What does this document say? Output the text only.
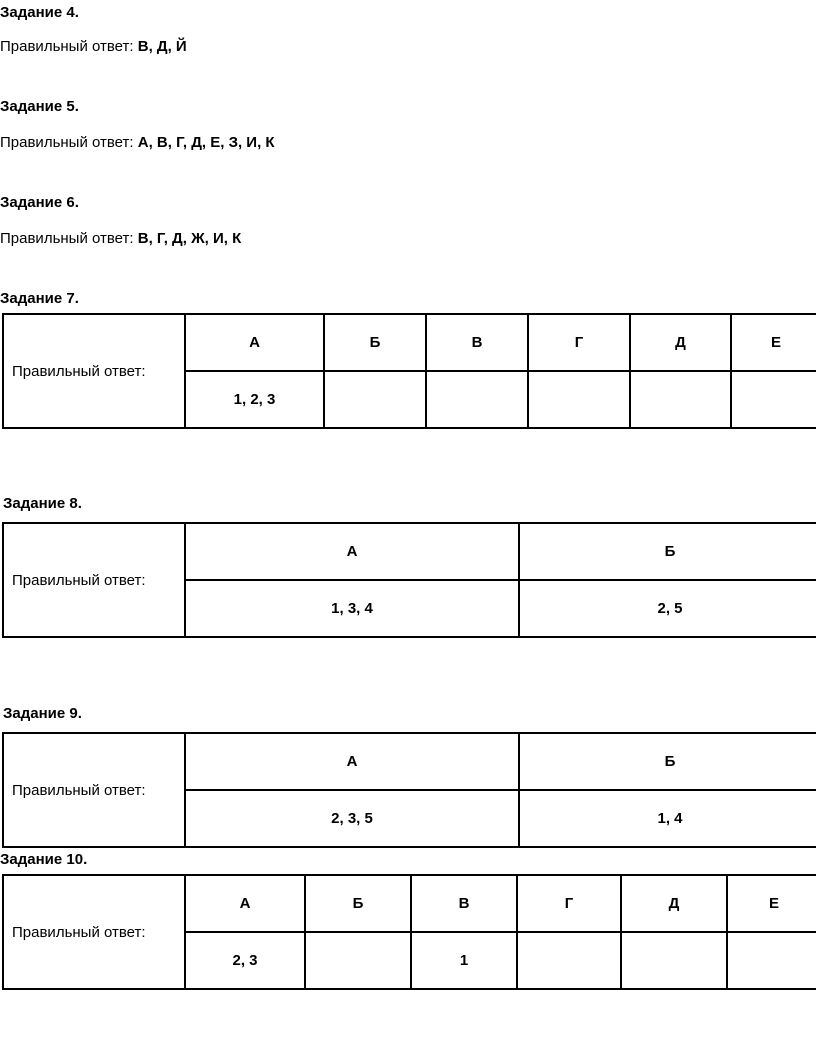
Задание 4.
Правильный ответ: В, Д, Й
Задание 5.
Правильный ответ: А, В, Г, Д, Е, З, И, К
Задание 6.
Правильный ответ: В, Г, Д, Ж, И, К
Задание 7.
Правильный ответ:	А	Б	В	Г	Д	Е
	1, 2, 3					
Задание 8.
Правильный ответ:	А	Б
	1, 3, 4	2, 5
Задание 9.
Правильный ответ:	А	Б
	2, 3, 5	1, 4
Задание 10.
Правильный ответ:	А	Б	В	Г	Д	Е
	2, 3		1			
